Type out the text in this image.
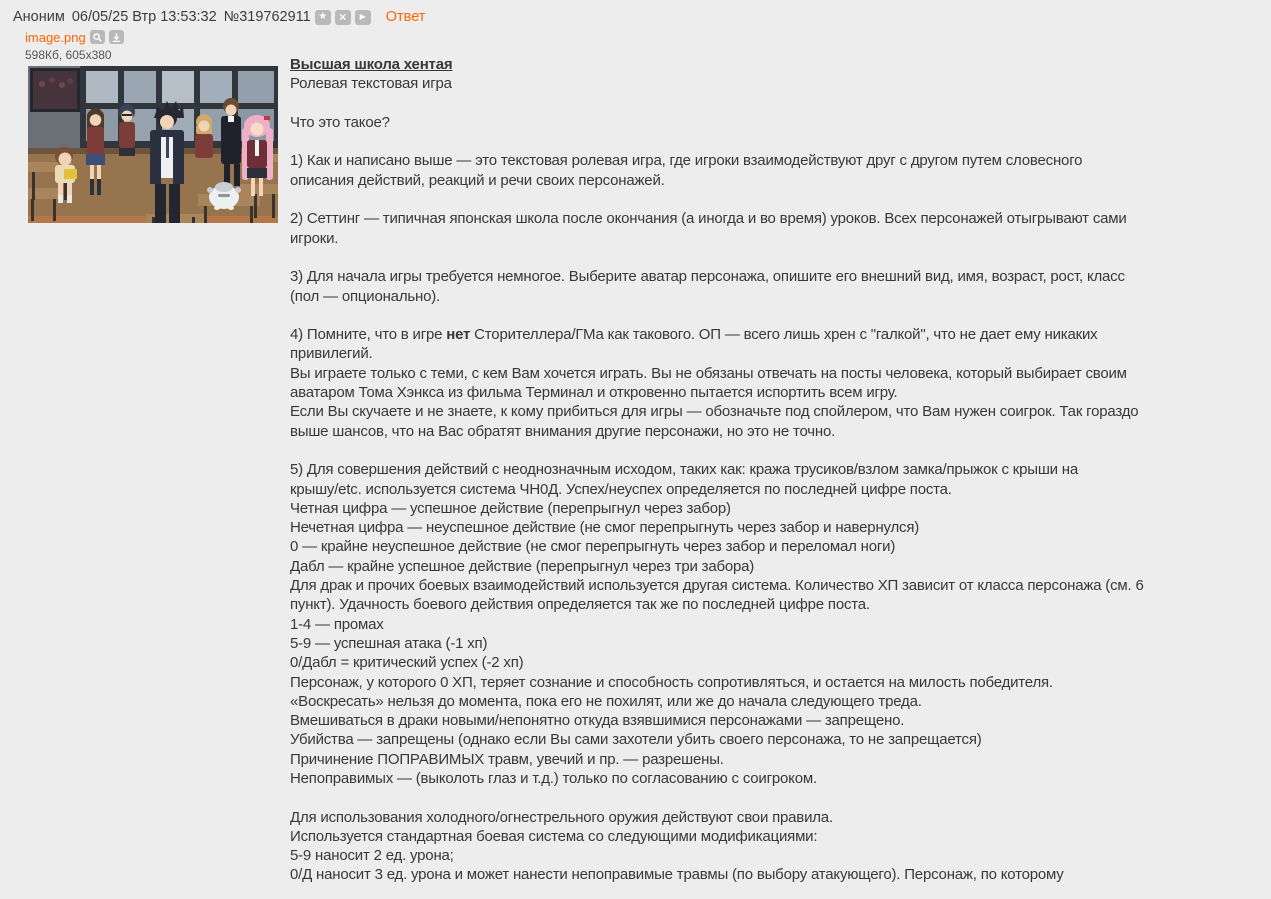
Аноним 06/05/25 Втр 13:53:32 №319762911 ★ × ▶ Ответ
image.png
598Кб, 605x380
Высшая школа хентая
Ролевая текстовая игра

Что это такое?

1) Как и написано выше — это текстовая ролевая игра, где игроки взаимодействуют друг с другом путем словесного описания действий, реакций и речи своих персонажей.

2) Сеттинг — типичная японская школа после окончания (а иногда и во время) уроков. Всех персонажей отыгрывают сами игроки.

3) Для начала игры требуется немногое. Выберите аватар персонажа, опишите его внешний вид, имя, возраст, рост, класс (пол — опционально).

4) Помните, что в игре нет Сторителлера/ГМа как такового. ОП — всего лишь хрен с "галкой", что не дает ему никаких привилегий.
Вы играете только с теми, с кем Вам хочется играть. Вы не обязаны отвечать на посты человека, который выбирает своим аватаром Тома Хэнкса из фильма Терминал и откровенно пытается испортить всем игру.
Если Вы скучаете и не знаете, к кому прибиться для игры — обозначьте под спойлером, что Вам нужен соигрок. Так гораздо выше шансов, что на Вас обратят внимания другие персонажи, но это не точно.

5) Для совершения действий с неоднозначным исходом, таких как: кража трусиков/взлом замка/прыжок с крыши на крышу/etc. используется система ЧН0Д. Успех/неуспех определяется по последней цифре поста.
Четная цифра — успешное действие (перепрыгнул через забор)
Нечетная цифра — неуспешное действие (не смог перепрыгнуть через забор и навернулся)
0 — крайне неуспешное действие (не смог перепрыгнуть через забор и переломал ноги)
Дабл — крайне успешное действие (перепрыгнул через три забора)
Для драк и прочих боевых взаимодействий используется другая система. Количество ХП зависит от класса персонажа (см. 6 пункт). Удачность боевого действия определяется так же по последней цифре поста.
1-4 — промах
5-9 — успешная атака (-1 хп)
0/Дабл = критический успех (-2 хп)
Персонаж, у которого 0 ХП, теряет сознание и способность сопротивляться, и остается на милость победителя.
«Воскресать» нельзя до момента, пока его не похилят, или же до начала следующего треда.
Вмешиваться в драки новыми/непонятно откуда взявшимися персонажами — запрещено.
Убийства — запрещены (однако если Вы сами захотели убить своего персонажа, то не запрещается)
Причинение ПОПРАВИМЫХ травм, увечий и пр. — разрешены.
Непоправимых — (выколоть глаз и т.д.) только по согласованию с соигроком.

Для использования холодного/огнестрельного оружия действуют свои правила.
Используется стандартная боевая система со следующими модификациями:
5-9 наносит 2 ед. урона;
0/Д наносит 3 ед. урона и может нанести непоправимые травмы (по выбору атакующего). Персонаж, по которому
